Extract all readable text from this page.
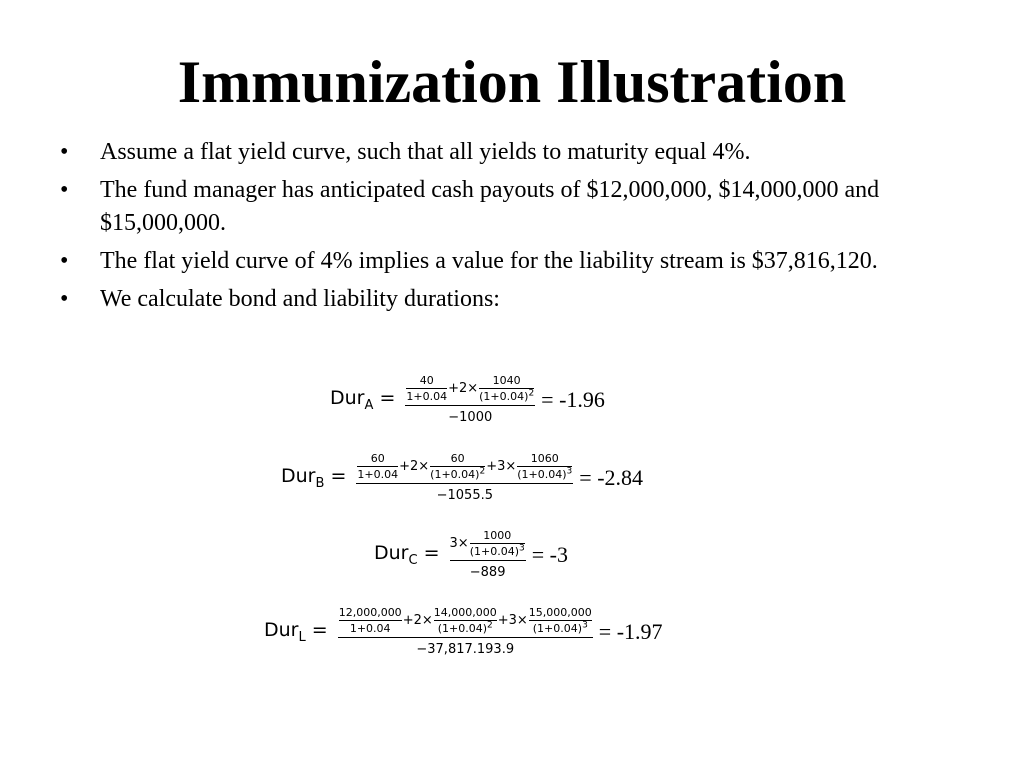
Immunization Illustration
• Assume a flat yield curve, such that all yields to maturity equal 4%.
• The fund manager has anticipated cash payouts of $12,000,000, $14,000,000 and $15,000,000.
• The flat yield curve of 4% implies a value for the liability stream is $37,816,120.
• We calculate bond and liability durations:
Dur$_A$ = 40
1+0.04
+2×
1040
$(1+0.04)^2$
−1000 = -1.96
Dur$_B$ =
60
1+0.04
+2×
60
$(1+0.04)^2 +3\times$
1060
$(1+0.04)^3$
−1055.5
= -2.84
Dur$_C$ = 3×
1000
$(1+0.04)^3$
−889 = -3
Dur$_L$ =
12,000,000
1+0.04
+2×
14,000,000
$(1+0.04)^2 +3\times$
15,000,000
$(1+0.04)^3$
−37,817.193.9
= -1.97
